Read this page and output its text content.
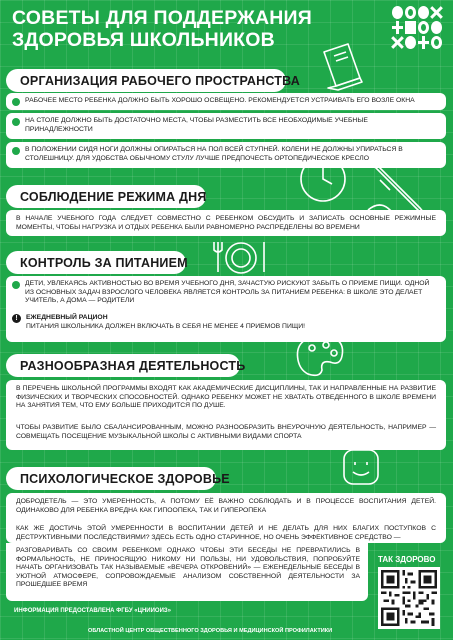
СОВЕТЫ ДЛЯ ПОДДЕРЖАНИЯ ЗДОРОВЬЯ ШКОЛЬНИКОВ
ОРГАНИЗАЦИЯ РАБОЧЕГО ПРОСТРАНСТВА
РАБОЧЕЕ МЕСТО РЕБЕНКА ДОЛЖНО БЫТЬ ХОРОШО ОСВЕЩЕНО. РЕКОМЕНДУЕТСЯ УСТРАИВАТЬ ЕГО ВОЗЛЕ ОКНА
НА СТОЛЕ ДОЛЖНО БЫТЬ ДОСТАТОЧНО МЕСТА, ЧТОБЫ РАЗМЕСТИТЬ ВСЕ НЕОБХОДИМЫЕ УЧЕБНЫЕ ПРИНАДЛЕЖНОСТИ
В ПОЛОЖЕНИИ СИДЯ НОГИ ДОЛЖНЫ ОПИРАТЬСЯ НА ПОЛ ВСЕЙ СТУПНЕЙ. КОЛЕНИ НЕ ДОЛЖНЫ УПИРАТЬСЯ В СТОЛЕШНИЦУ. ДЛЯ УДОБСТВА ОБЫЧНОМУ СТУЛУ ЛУЧШЕ ПРЕДПОЧЕСТЬ ОРТОПЕДИЧЕСКОЕ КРЕСЛО
СОБЛЮДЕНИЕ РЕЖИМА ДНЯ
В НАЧАЛЕ УЧЕБНОГО ГОДА СЛЕДУЕТ СОВМЕСТНО С РЕБЕНКОМ ОБСУДИТЬ И ЗАПИСАТЬ ОСНОВНЫЕ РЕЖИМНЫЕ МОМЕНТЫ, ЧТОБЫ НАГРУЗКА И ОТДЫХ РЕБЕНКА БЫЛИ РАВНОМЕРНО РАСПРЕДЕЛЕНЫ ВО ВРЕМЕНИ
КОНТРОЛЬ ЗА ПИТАНИЕМ
ДЕТИ, УВЛЕКАЯСЬ АКТИВНОСТЬЮ ВО ВРЕМЯ УЧЕБНОГО ДНЯ, ЗАЧАСТУЮ РИСКУЮТ ЗАБЫТЬ О ПРИЕМЕ ПИЩИ. ОДНОЙ ИЗ ОСНОВНЫХ ЗАДАЧ ВЗРОСЛОГО ЧЕЛОВЕКА ЯВЛЯЕТСЯ КОНТРОЛЬ ЗА ПИТАНИЕМ РЕБЕНКА: В ШКОЛЕ ЭТО ДЕЛАЕТ УЧИТЕЛЬ, А ДОМА — РОДИТЕЛИ
!	ЕЖЕДНЕВНЫЙ РАЦИОН
ПИТАНИЯ ШКОЛЬНИКА ДОЛЖЕН ВКЛЮЧАТЬ В СЕБЯ НЕ МЕНЕЕ 4 ПРИЕМОВ ПИЩИ!
РАЗНООБРАЗНАЯ ДЕЯТЕЛЬНОСТЬ
В ПЕРЕЧЕНЬ ШКОЛЬНОЙ ПРОГРАММЫ ВХОДЯТ КАК АКАДЕМИЧЕСКИЕ ДИСЦИПЛИНЫ, ТАК И НАПРАВЛЕННЫЕ НА РАЗВИТИЕ ФИЗИЧЕСКИХ И ТВОРЧЕСКИХ СПОСОБНОСТЕЙ. ОДНАКО РЕБЕНКУ МОЖЕТ НЕ ХВАТАТЬ ОТВЕДЕННОГО В ШКОЛЕ ВРЕМЕНИ НА ЗАНЯТИЯ ТЕМ, ЧТО ЕМУ БОЛЬШЕ ПРИХОДИТСЯ ПО ДУШЕ.
ЧТОБЫ РАЗВИТИЕ БЫЛО СБАЛАНСИРОВАННЫМ, МОЖНО РАЗНООБРАЗИТЬ ВНЕУРОЧНУЮ ДЕЯТЕЛЬНОСТЬ, НАПРИМЕР — СОВМЕЩАТЬ ПОСЕЩЕНИЕ МУЗЫКАЛЬНОЙ ШКОЛЫ С АКТИВНЫМИ ВИДАМИ СПОРТА
ПСИХОЛОГИЧЕСКОЕ ЗДОРОВЬЕ
ДОБРОДЕТЕЛЬ — ЭТО УМЕРЕННОСТЬ, А ПОТОМУ ЕЁ ВАЖНО СОБЛЮДАТЬ И В ПРОЦЕССЕ ВОСПИТАНИЯ ДЕТЕЙ. ОДИНАКОВО ДЛЯ РЕБЕНКА ВРЕДНА КАК ГИПООПЕКА, ТАК И ГИПЕРОПЕКА
КАК ЖЕ ДОСТИЧЬ ЭТОЙ УМЕРЕННОСТИ В ВОСПИТАНИИ ДЕТЕЙ И НЕ ДЕЛАТЬ ДЛЯ НИХ БЛАГИХ ПОСТУПКОВ С ДЕСТРУКТИВНЫМИ ПОСЛЕДСТВИЯМИ? ЗДЕСЬ ЕСТЬ ОДНО СТАРИННОЕ, НО ОЧЕНЬ ЭФФЕКТИВНОЕ СРЕДСТВО —
РАЗГОВАРИВАТЬ СО СВОИМ РЕБЕНКОМ! ОДНАКО ЧТОБЫ ЭТИ БЕСЕДЫ НЕ ПРЕВРАТИЛИСЬ В ФОРМАЛЬНОСТЬ, НЕ ПРИНОСЯЩУЮ НИКОМУ НИ ПОЛЬЗЫ, НИ УДОВОЛЬСТВИЯ, ПОПРОБУЙТЕ НАЧАТЬ ОРГАНИЗОВАТЬ ТАК НАЗЫВАЕМЫЕ «ВЕЧЕРА ОТКРОВЕНИЙ» — ЕЖЕНЕДЕЛЬНЫЕ БЕСЕДЫ В УЮТНОЙ АТМОСФЕРЕ, СОПРОВОЖДАЕМЫЕ АНАЛИЗОМ СОБСТВЕННОЙ ДЕЯТЕЛЬНОСТИ ЗА ПРОШЕДШЕЕ ВРЕМЯ
ТАК ЗДОРОВО
ИНФОРМАЦИЯ ПРЕДОСТАВЛЕНА ФГБУ «ЦНИИОИЗ»
ОБЛАСТНОЙ ЦЕНТР ОБЩЕСТВЕННОГО ЗДОРОВЬЯ И МЕДИЦИНСКОЙ ПРОФИЛАКТИКИ
